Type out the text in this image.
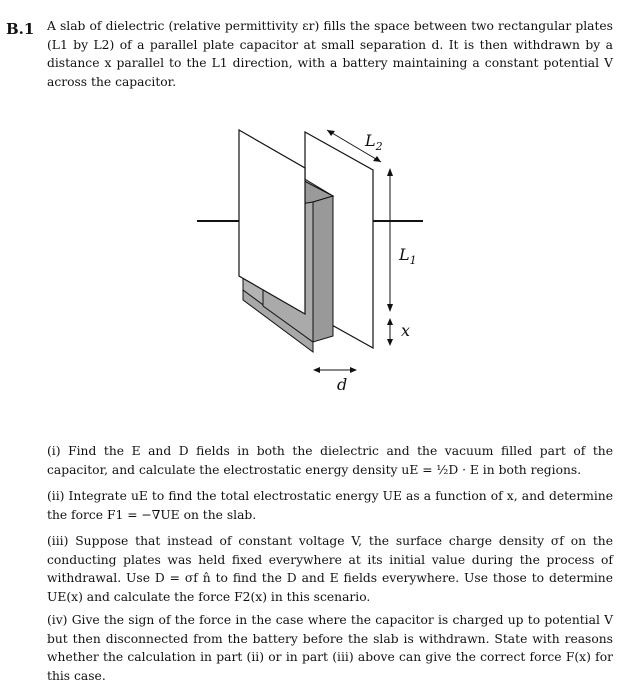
B.1 A slab of dielectric (relative permittivity εr) fills the space between two rectangular plates (L1 by L2) of a parallel plate capacitor at small separation d. It is then withdrawn by a distance x parallel to the L1 direction, with a battery maintaining a constant potential V across the capacitor.
$L_2$
$L_1$
x
d
(i) Find the E and D fields in both the dielectric and the vacuum filled part of the capacitor, and calculate the electrostatic energy density uE = ½D · E in both regions.
(ii) Integrate uE to find the total electrostatic energy UE as a function of x, and determine the force F1 = −∇UE on the slab.
(iii) Suppose that instead of constant voltage V, the surface charge density σf on the conducting plates was held fixed everywhere at its initial value during the process of withdrawal. Use D = σf n̂ to find the D and E fields everywhere. Use those to determine UE(x) and calculate the force F2(x) in this scenario.
(iv) Give the sign of the force in the case where the capacitor is charged up to potential V but then disconnected from the battery before the slab is withdrawn. State with reasons whether the calculation in part (ii) or in part (iii) above can give the correct force F(x) for this case.
